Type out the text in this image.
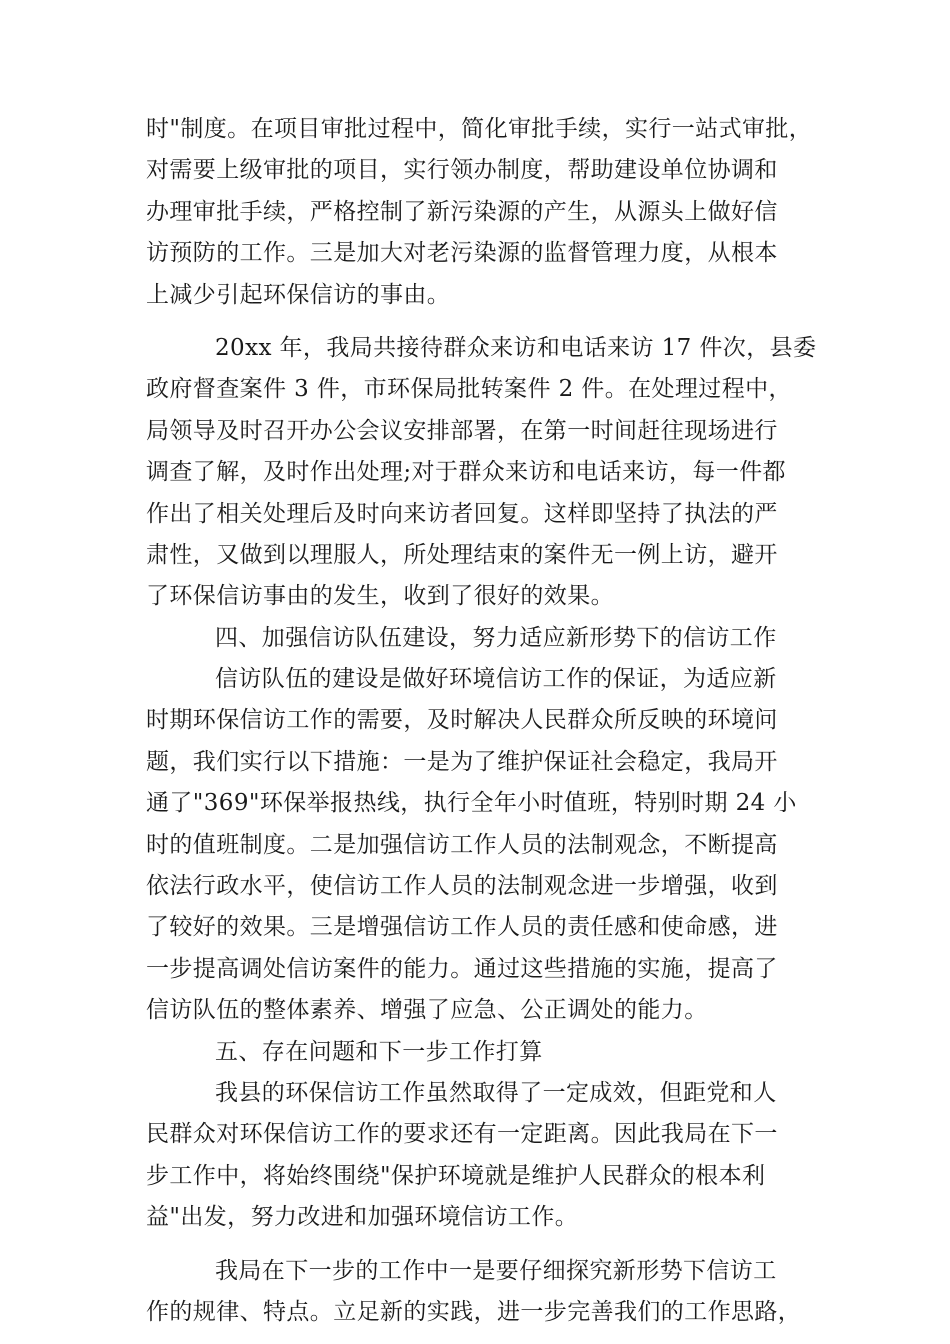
时"制度。在项目审批过程中，简化审批手续，实行一站式审批，
对需要上级审批的项目，实行领办制度，帮助建设单位协调和
办理审批手续，严格控制了新污染源的产生，从源头上做好信
访预防的工作。三是加大对老污染源的监督管理力度，从根本
上减少引起环保信访的事由。
20xx 年，我局共接待群众来访和电话来访 17 件次，县委
政府督查案件 3 件，市环保局批转案件 2 件。在处理过程中，
局领导及时召开办公会议安排部署，在第一时间赶往现场进行
调查了解，及时作出处理;对于群众来访和电话来访，每一件都
作出了相关处理后及时向来访者回复。这样即坚持了执法的严
肃性，又做到以理服人，所处理结束的案件无一例上访，避开
了环保信访事由的发生，收到了很好的效果。
四、加强信访队伍建设，努力适应新形势下的信访工作
信访队伍的建设是做好环境信访工作的保证，为适应新
时期环保信访工作的需要，及时解决人民群众所反映的环境问
题，我们实行以下措施：一是为了维护保证社会稳定，我局开
通了"369"环保举报热线，执行全年小时值班，特别时期 24 小
时的值班制度。二是加强信访工作人员的法制观念，不断提高
依法行政水平，使信访工作人员的法制观念进一步增强，收到
了较好的效果。三是增强信访工作人员的责任感和使命感，进
一步提高调处信访案件的能力。通过这些措施的实施，提高了
信访队伍的整体素养、增强了应急、公正调处的能力。
五、存在问题和下一步工作打算
我县的环保信访工作虽然取得了一定成效，但距党和人
民群众对环保信访工作的要求还有一定距离。因此我局在下一
步工作中，将始终围绕"保护环境就是维护人民群众的根本利
益"出发，努力改进和加强环境信访工作。
我局在下一步的工作中一是要仔细探究新形势下信访工
作的规律、特点。立足新的实践，进一步完善我们的工作思路，
